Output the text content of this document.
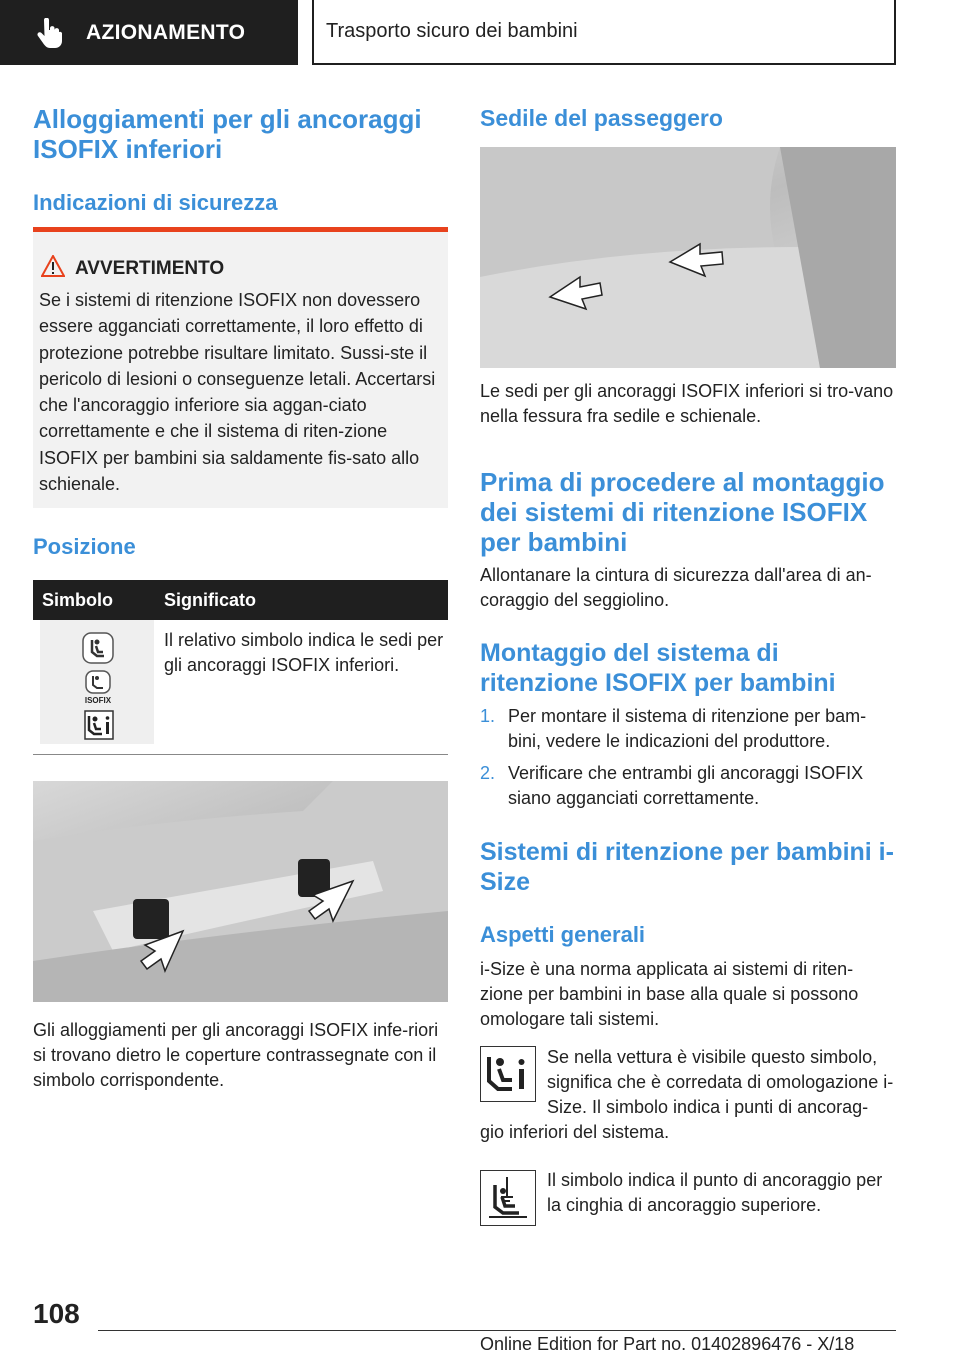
AZIONAMENTO	Trasporto sicuro dei bambini
Alloggiamenti per gli ancoraggi ISOFIX inferiori
Indicazioni di sicurezza
AVVERTIMENTO
Se i sistemi di ritenzione ISOFIX non dovessero essere agganciati correttamente, il loro effetto di protezione potrebbe risultare limitato. Sussi-ste il pericolo di lesioni o conseguenze letali. Accertarsi che l'ancoraggio inferiore sia aggan-ciato correttamente e che il sistema di riten-zione ISOFIX per bambini sia saldamente fis-sato allo schienale.
Posizione
Simbolo	Significato
ISOFIX
Il relativo simbolo indica le sedi per gli ancoraggi ISOFIX inferiori.
Gli alloggiamenti per gli ancoraggi ISOFIX infe-riori si trovano dietro le coperture contrassegnate con il simbolo corrispondente.
Sedile del passeggero
Le sedi per gli ancoraggi ISOFIX inferiori si tro-vano nella fessura fra sedile e schienale.
Prima di procedere al montaggio dei sistemi di ritenzione ISOFIX per bambini
Allontanare la cintura di sicurezza dall'area di an-coraggio del seggiolino.
Montaggio del sistema di ritenzione ISOFIX per bambini
1. Per montare il sistema di ritenzione per bam-bini, vedere le indicazioni del produttore.
2. Verificare che entrambi gli ancoraggi ISOFIX siano agganciati correttamente.
Sistemi di ritenzione per bambini i-Size
Aspetti generali
i-Size è una norma applicata ai sistemi di riten-zione per bambini in base alla quale si possono omologare tali sistemi.
Se nella vettura è visibile questo simbolo, significa che è corredata di omologazione i-Size. Il simbolo indica i punti di ancorag-
gio inferiori del sistema.
Il simbolo indica il punto di ancoraggio per la cinghia di ancoraggio superiore.
108
Online Edition for Part no. 01402896476 - X/18
